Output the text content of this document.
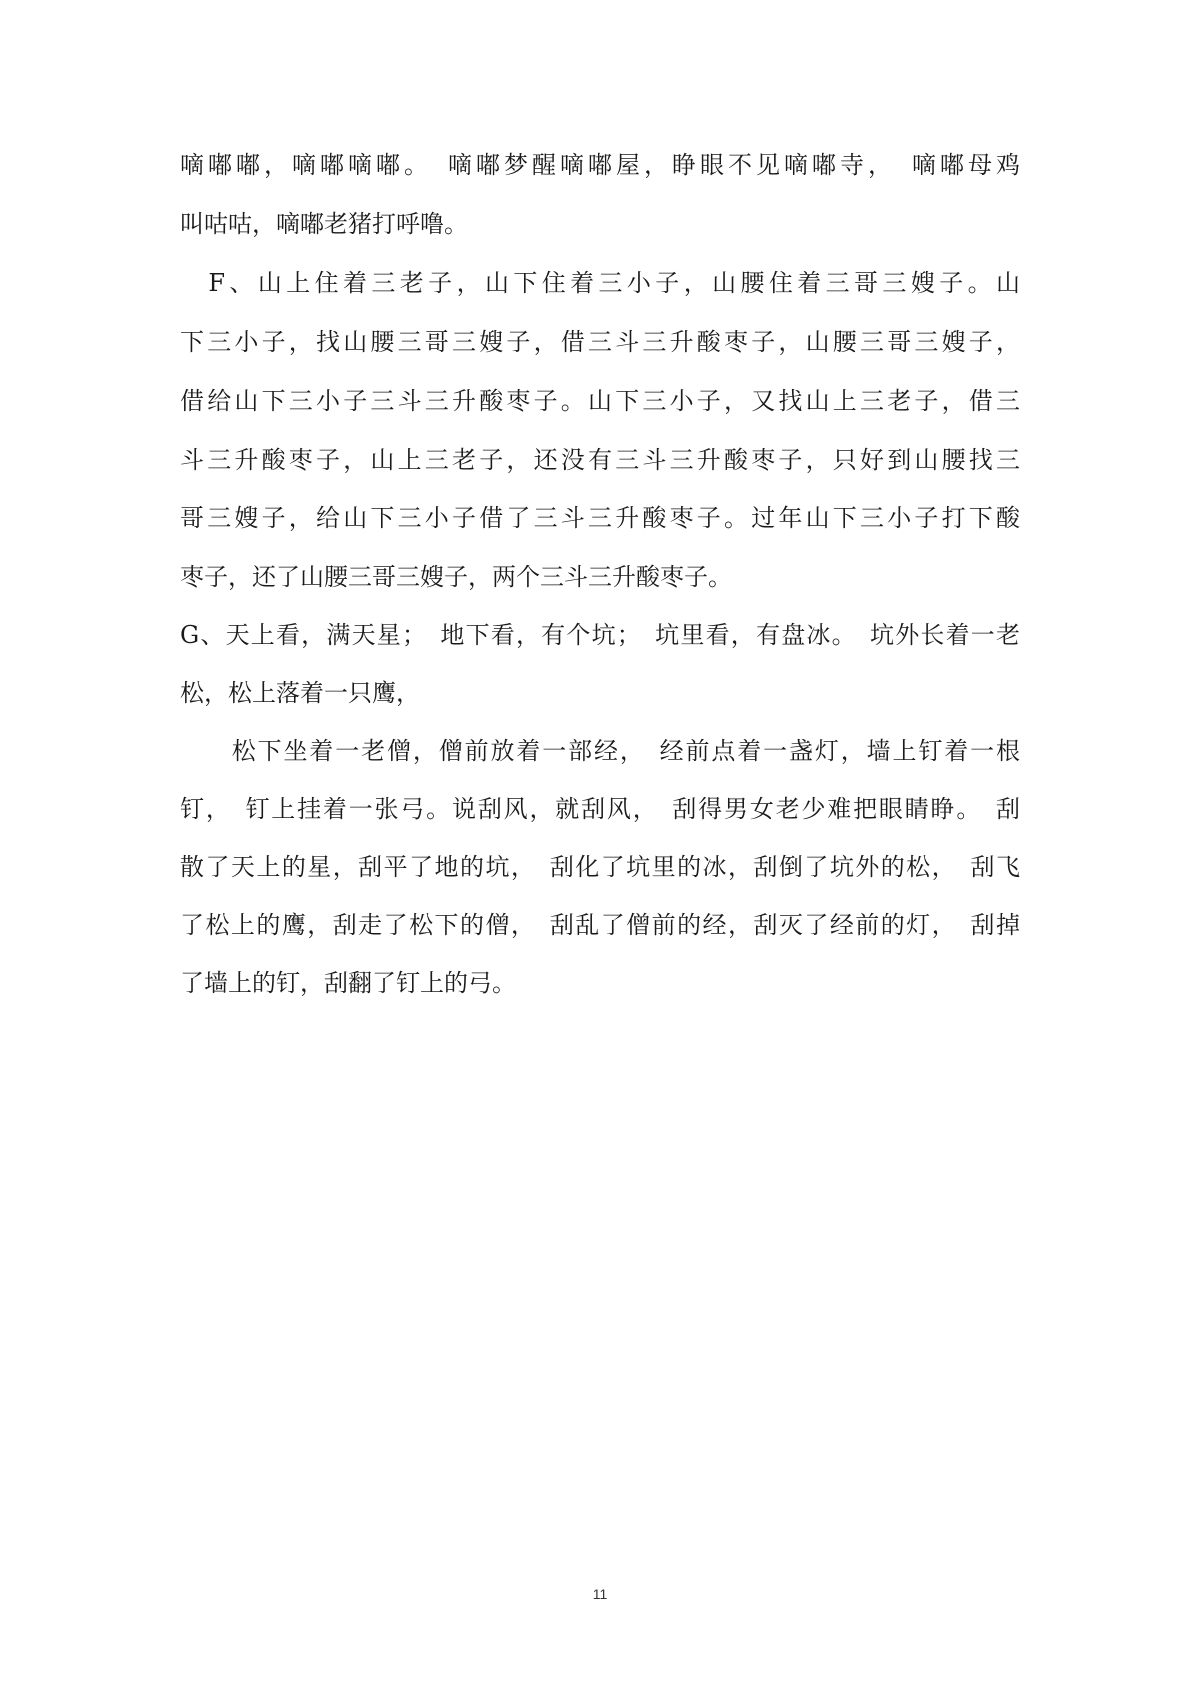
嘀嘟嘟，嘀嘟嘀嘟。　嘀嘟梦醒嘀嘟屋，睁眼不见嘀嘟寺，　嘀嘟母鸡
叫咕咕，嘀嘟老猪打呼噜。
　F、山上住着三老子，山下住着三小子，山腰住着三哥三嫂子。山
下三小子，找山腰三哥三嫂子，借三斗三升酸枣子，山腰三哥三嫂子，
借给山下三小子三斗三升酸枣子。山下三小子，又找山上三老子，借三
斗三升酸枣子，山上三老子，还没有三斗三升酸枣子，只好到山腰找三
哥三嫂子，给山下三小子借了三斗三升酸枣子。过年山下三小子打下酸
枣子，还了山腰三哥三嫂子，两个三斗三升酸枣子。
G、天上看，满天星；　地下看，有个坑；　坑里看，有盘冰。　坑外长着一老
松，松上落着一只鹰，
　　松下坐着一老僧，僧前放着一部经，　经前点着一盏灯，墙上钉着一根
钉，　钉上挂着一张弓。说刮风，就刮风，　刮得男女老少难把眼睛睁。　刮
散了天上的星，刮平了地的坑，　刮化了坑里的冰，刮倒了坑外的松，　刮飞
了松上的鹰，刮走了松下的僧，　刮乱了僧前的经，刮灭了经前的灯，　刮掉
了墙上的钉，刮翻了钉上的弓。
11
